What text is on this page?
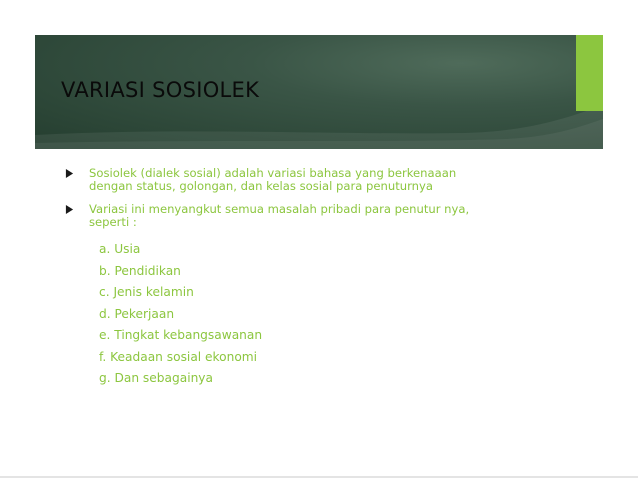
VARIASI SOSIOLEK
Sosiolek (dialek sosial) adalah variasi bahasa yang berkenaaan dengan status, golongan, dan kelas sosial para penuturnya
Variasi ini menyangkut semua masalah pribadi para penutur nya, seperti :
a. Usia
b. Pendidikan
c. Jenis kelamin
d. Pekerjaan
e. Tingkat kebangsawanan
f. Keadaan sosial ekonomi
g. Dan sebagainya
